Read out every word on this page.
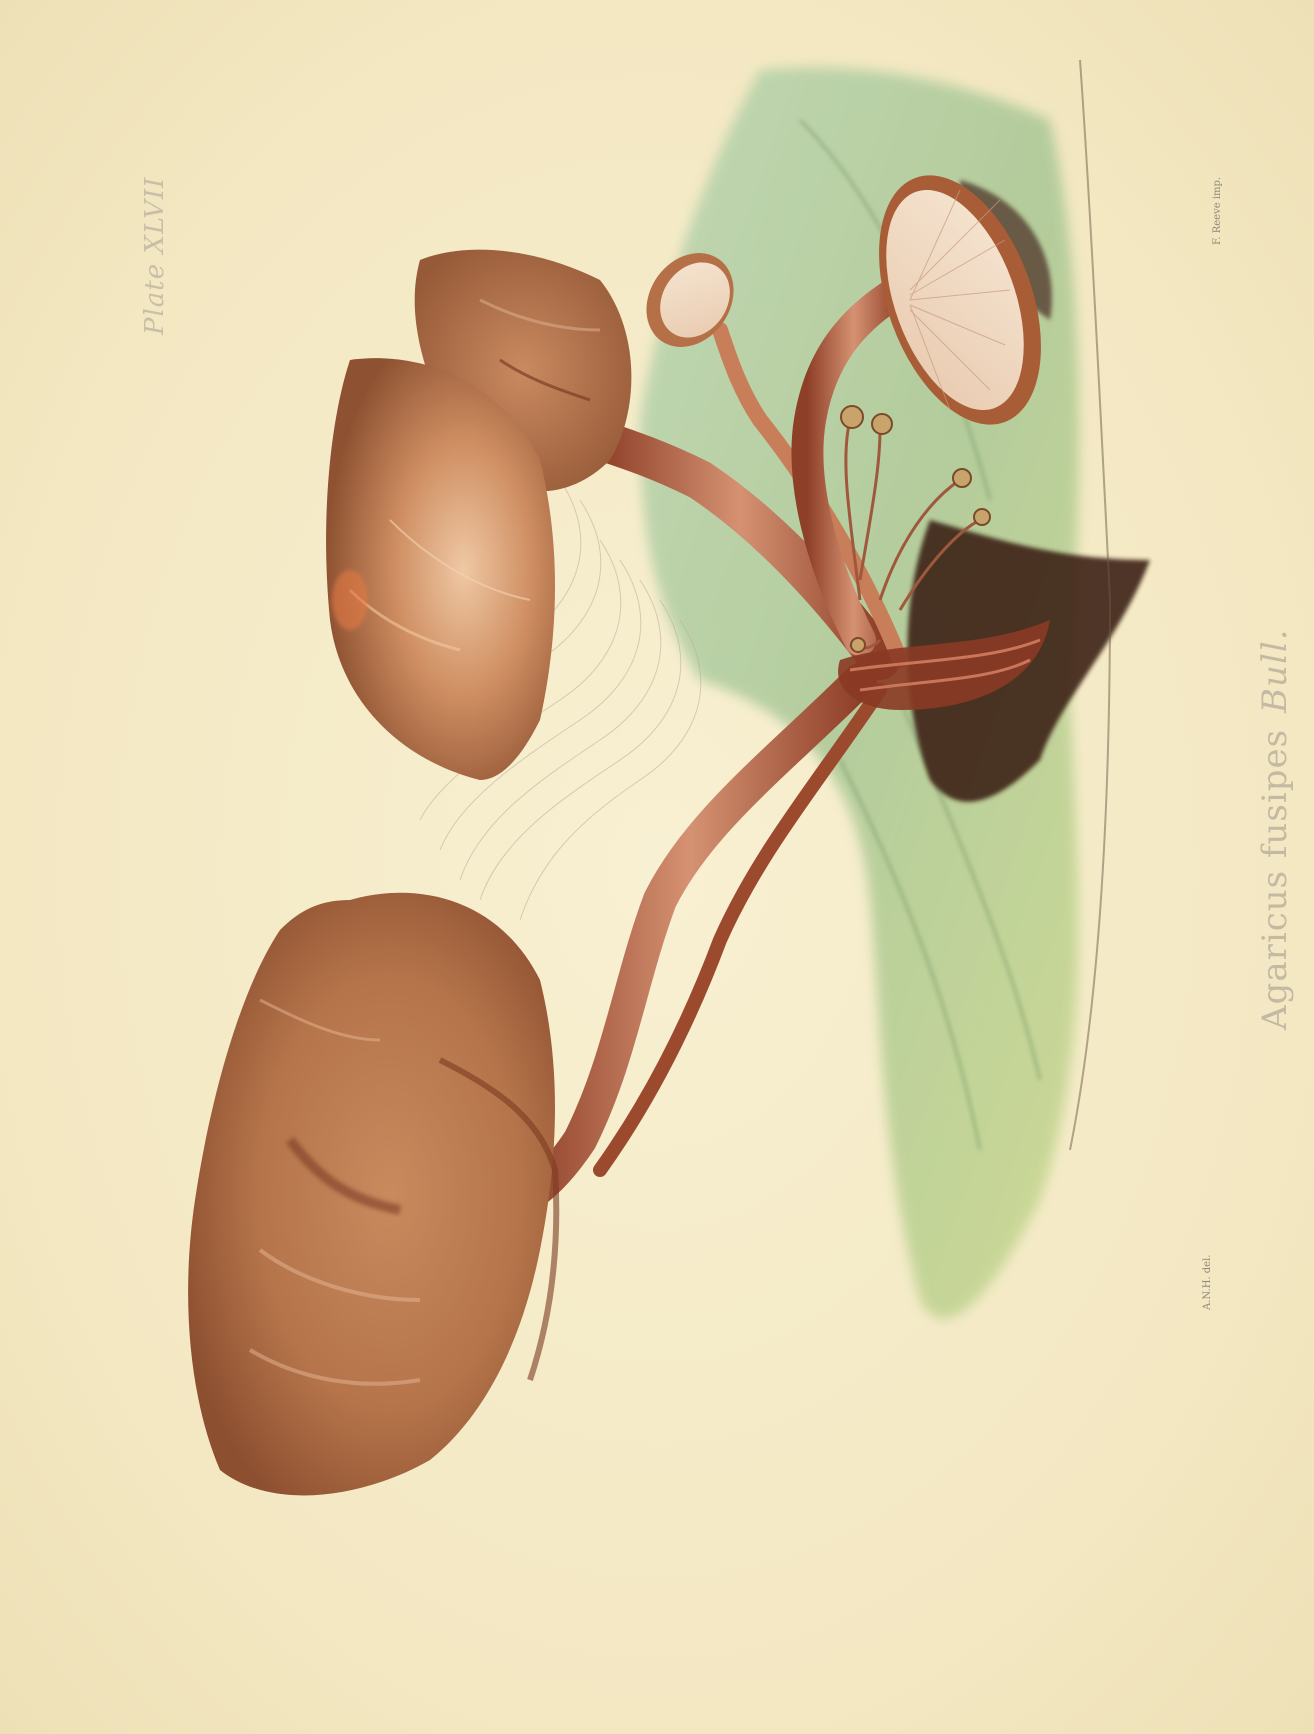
Plate XLVII
Agaricus fusipesBull.
A.N.H. del.
F. Reeve imp.
